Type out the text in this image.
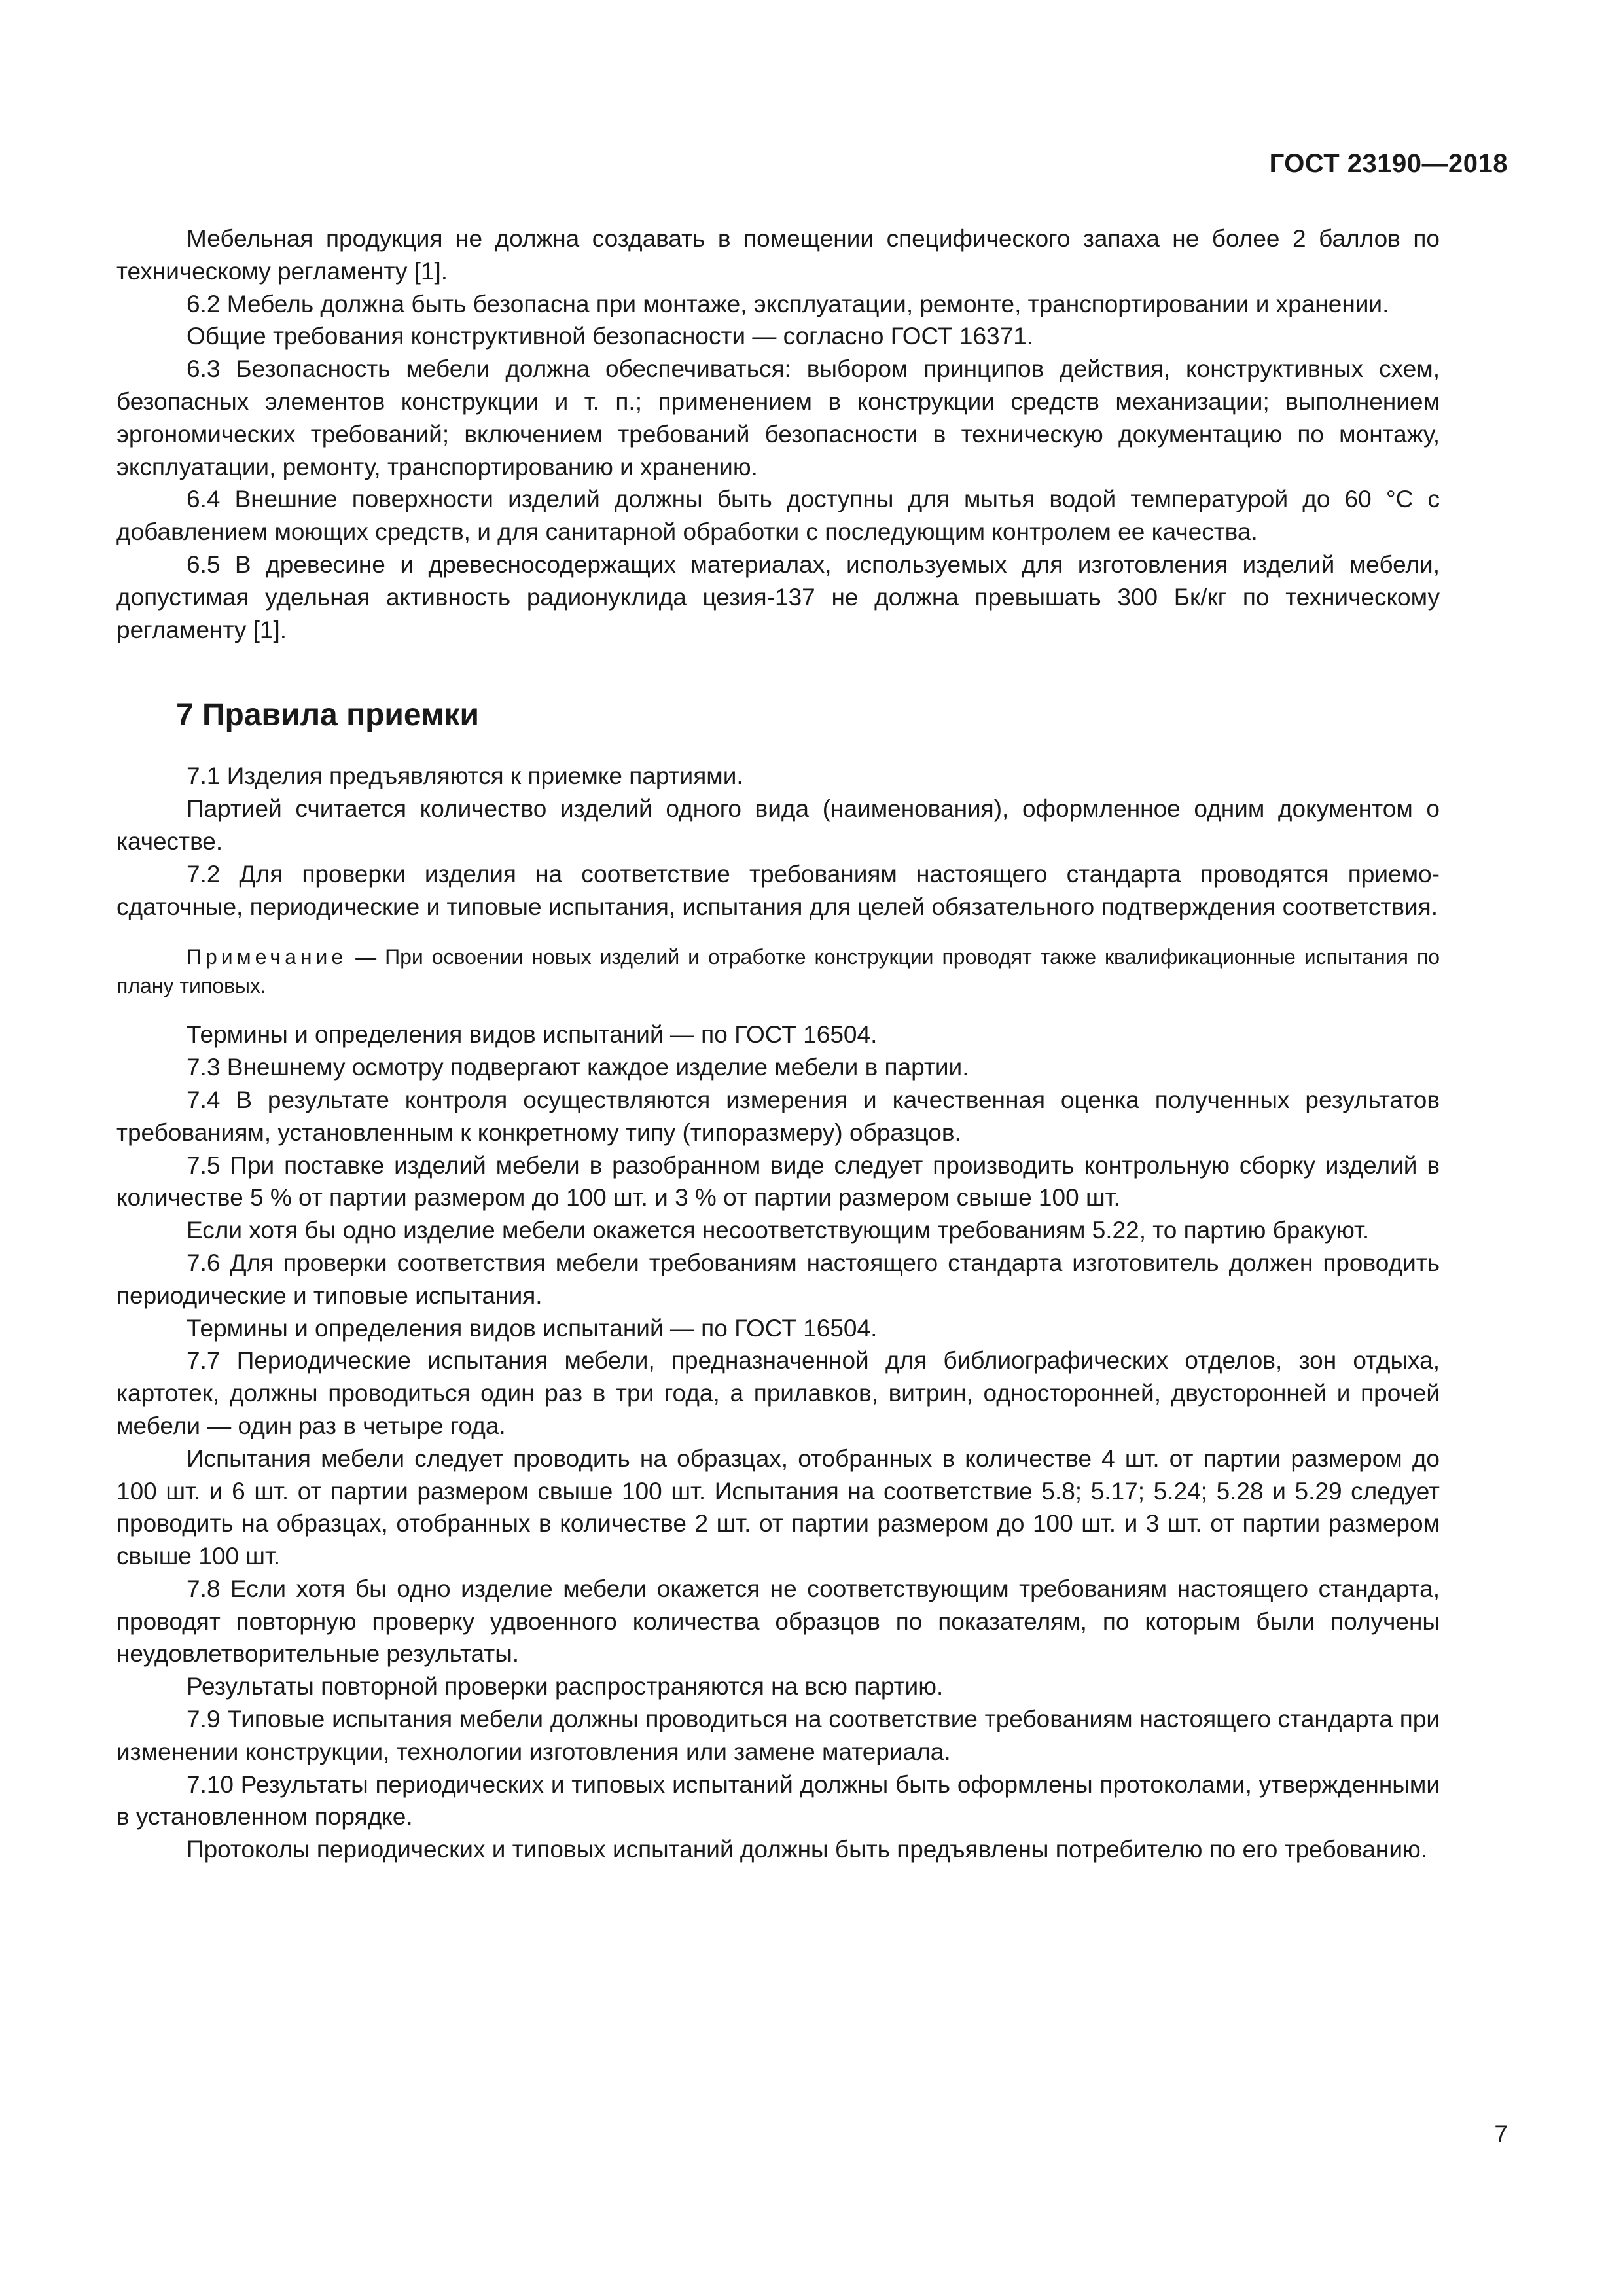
ГОСТ 23190—2018

Мебельная продукция не должна создавать в помещении специфического запаха не более 2 баллов по техническому регламенту [1].

6.2 Мебель должна быть безопасна при монтаже, эксплуатации, ремонте, транспортировании и хранении.

Общие требования конструктивной безопасности — согласно ГОСТ 16371.

6.3 Безопасность мебели должна обеспечиваться: выбором принципов действия, конструктивных схем, безопасных элементов конструкции и т. п.; применением в конструкции средств механизации; выполнением эргономических требований; включением требований безопасности в техническую документацию по монтажу, эксплуатации, ремонту, транспортированию и хранению.

6.4 Внешние поверхности изделий должны быть доступны для мытья водой температурой до 60 °С с добавлением моющих средств, и для санитарной обработки с последующим контролем ее качества.

6.5 В древесине и древесносодержащих материалах, используемых для изготовления изделий мебели, допустимая удельная активность радионуклида цезия-137 не должна превышать 300 Бк/кг по техническому регламенту [1].

7 Правила приемки

7.1 Изделия предъявляются к приемке партиями.

Партией считается количество изделий одного вида (наименования), оформленное одним документом о качестве.

7.2 Для проверки изделия на соответствие требованиям настоящего стандарта проводятся приемо-сдаточные, периодические и типовые испытания, испытания для целей обязательного подтверждения соответствия.

Примечание — При освоении новых изделий и отработке конструкции проводят также квалификационные испытания по плану типовых.

Термины и определения видов испытаний — по ГОСТ 16504.

7.3 Внешнему осмотру подвергают каждое изделие мебели в партии.

7.4 В результате контроля осуществляются измерения и качественная оценка полученных результатов требованиям, установленным к конкретному типу (типоразмеру) образцов.

7.5 При поставке изделий мебели в разобранном виде следует производить контрольную сборку изделий в количестве 5 % от партии размером до 100 шт. и 3 % от партии размером свыше 100 шт.

Если хотя бы одно изделие мебели окажется несоответствующим требованиям 5.22, то партию бракуют.

7.6 Для проверки соответствия мебели требованиям настоящего стандарта изготовитель должен проводить периодические и типовые испытания.

Термины и определения видов испытаний — по ГОСТ 16504.

7.7 Периодические испытания мебели, предназначенной для библиографических отделов, зон отдыха, картотек, должны проводиться один раз в три года, а прилавков, витрин, односторонней, двусторонней и прочей мебели — один раз в четыре года.

Испытания мебели следует проводить на образцах, отобранных в количестве 4 шт. от партии размером до 100 шт. и 6 шт. от партии размером свыше 100 шт. Испытания на соответствие 5.8; 5.17; 5.24; 5.28 и 5.29 следует проводить на образцах, отобранных в количестве 2 шт. от партии размером до 100 шт. и 3 шт. от партии размером свыше 100 шт.

7.8 Если хотя бы одно изделие мебели окажется не соответствующим требованиям настоящего стандарта, проводят повторную проверку удвоенного количества образцов по показателям, по которым были получены неудовлетворительные результаты.

Результаты повторной проверки распространяются на всю партию.

7.9 Типовые испытания мебели должны проводиться на соответствие требованиям настоящего стандарта при изменении конструкции, технологии изготовления или замене материала.

7.10 Результаты периодических и типовых испытаний должны быть оформлены протоколами, утвержденными в установленном порядке.

Протоколы периодических и типовых испытаний должны быть предъявлены потребителю по его требованию.

7
